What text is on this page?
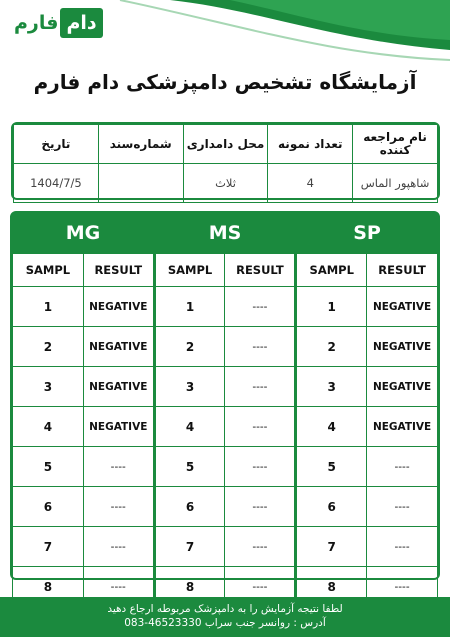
فارم دام
آزمایشگاه تشخیص دامپزشکی دام فارم
نام مراجعه کننده	تعداد نمونه	محل دامداری	شماره‌سند	تاریخ
شاهپور الماس	4	ثلاث		1404/7/5
MG	MS	SP
SAMPL	RESULT	SAMPL	RESULT	SAMPL	RESULT
1	NEGATIVE	1	----	1	NEGATIVE
2	NEGATIVE	2	----	2	NEGATIVE
3	NEGATIVE	3	----	3	NEGATIVE
4	NEGATIVE	4	----	4	NEGATIVE
5	----	5	----	5	----
6	----	6	----	6	----
7	----	7	----	7	----
8	----	8	----	8	----
لطفا نتیجه آزمایش را به دامپزشک مربوطه ارجاع دهید
آدرس : روانسر جنب سراب 46523330-083
